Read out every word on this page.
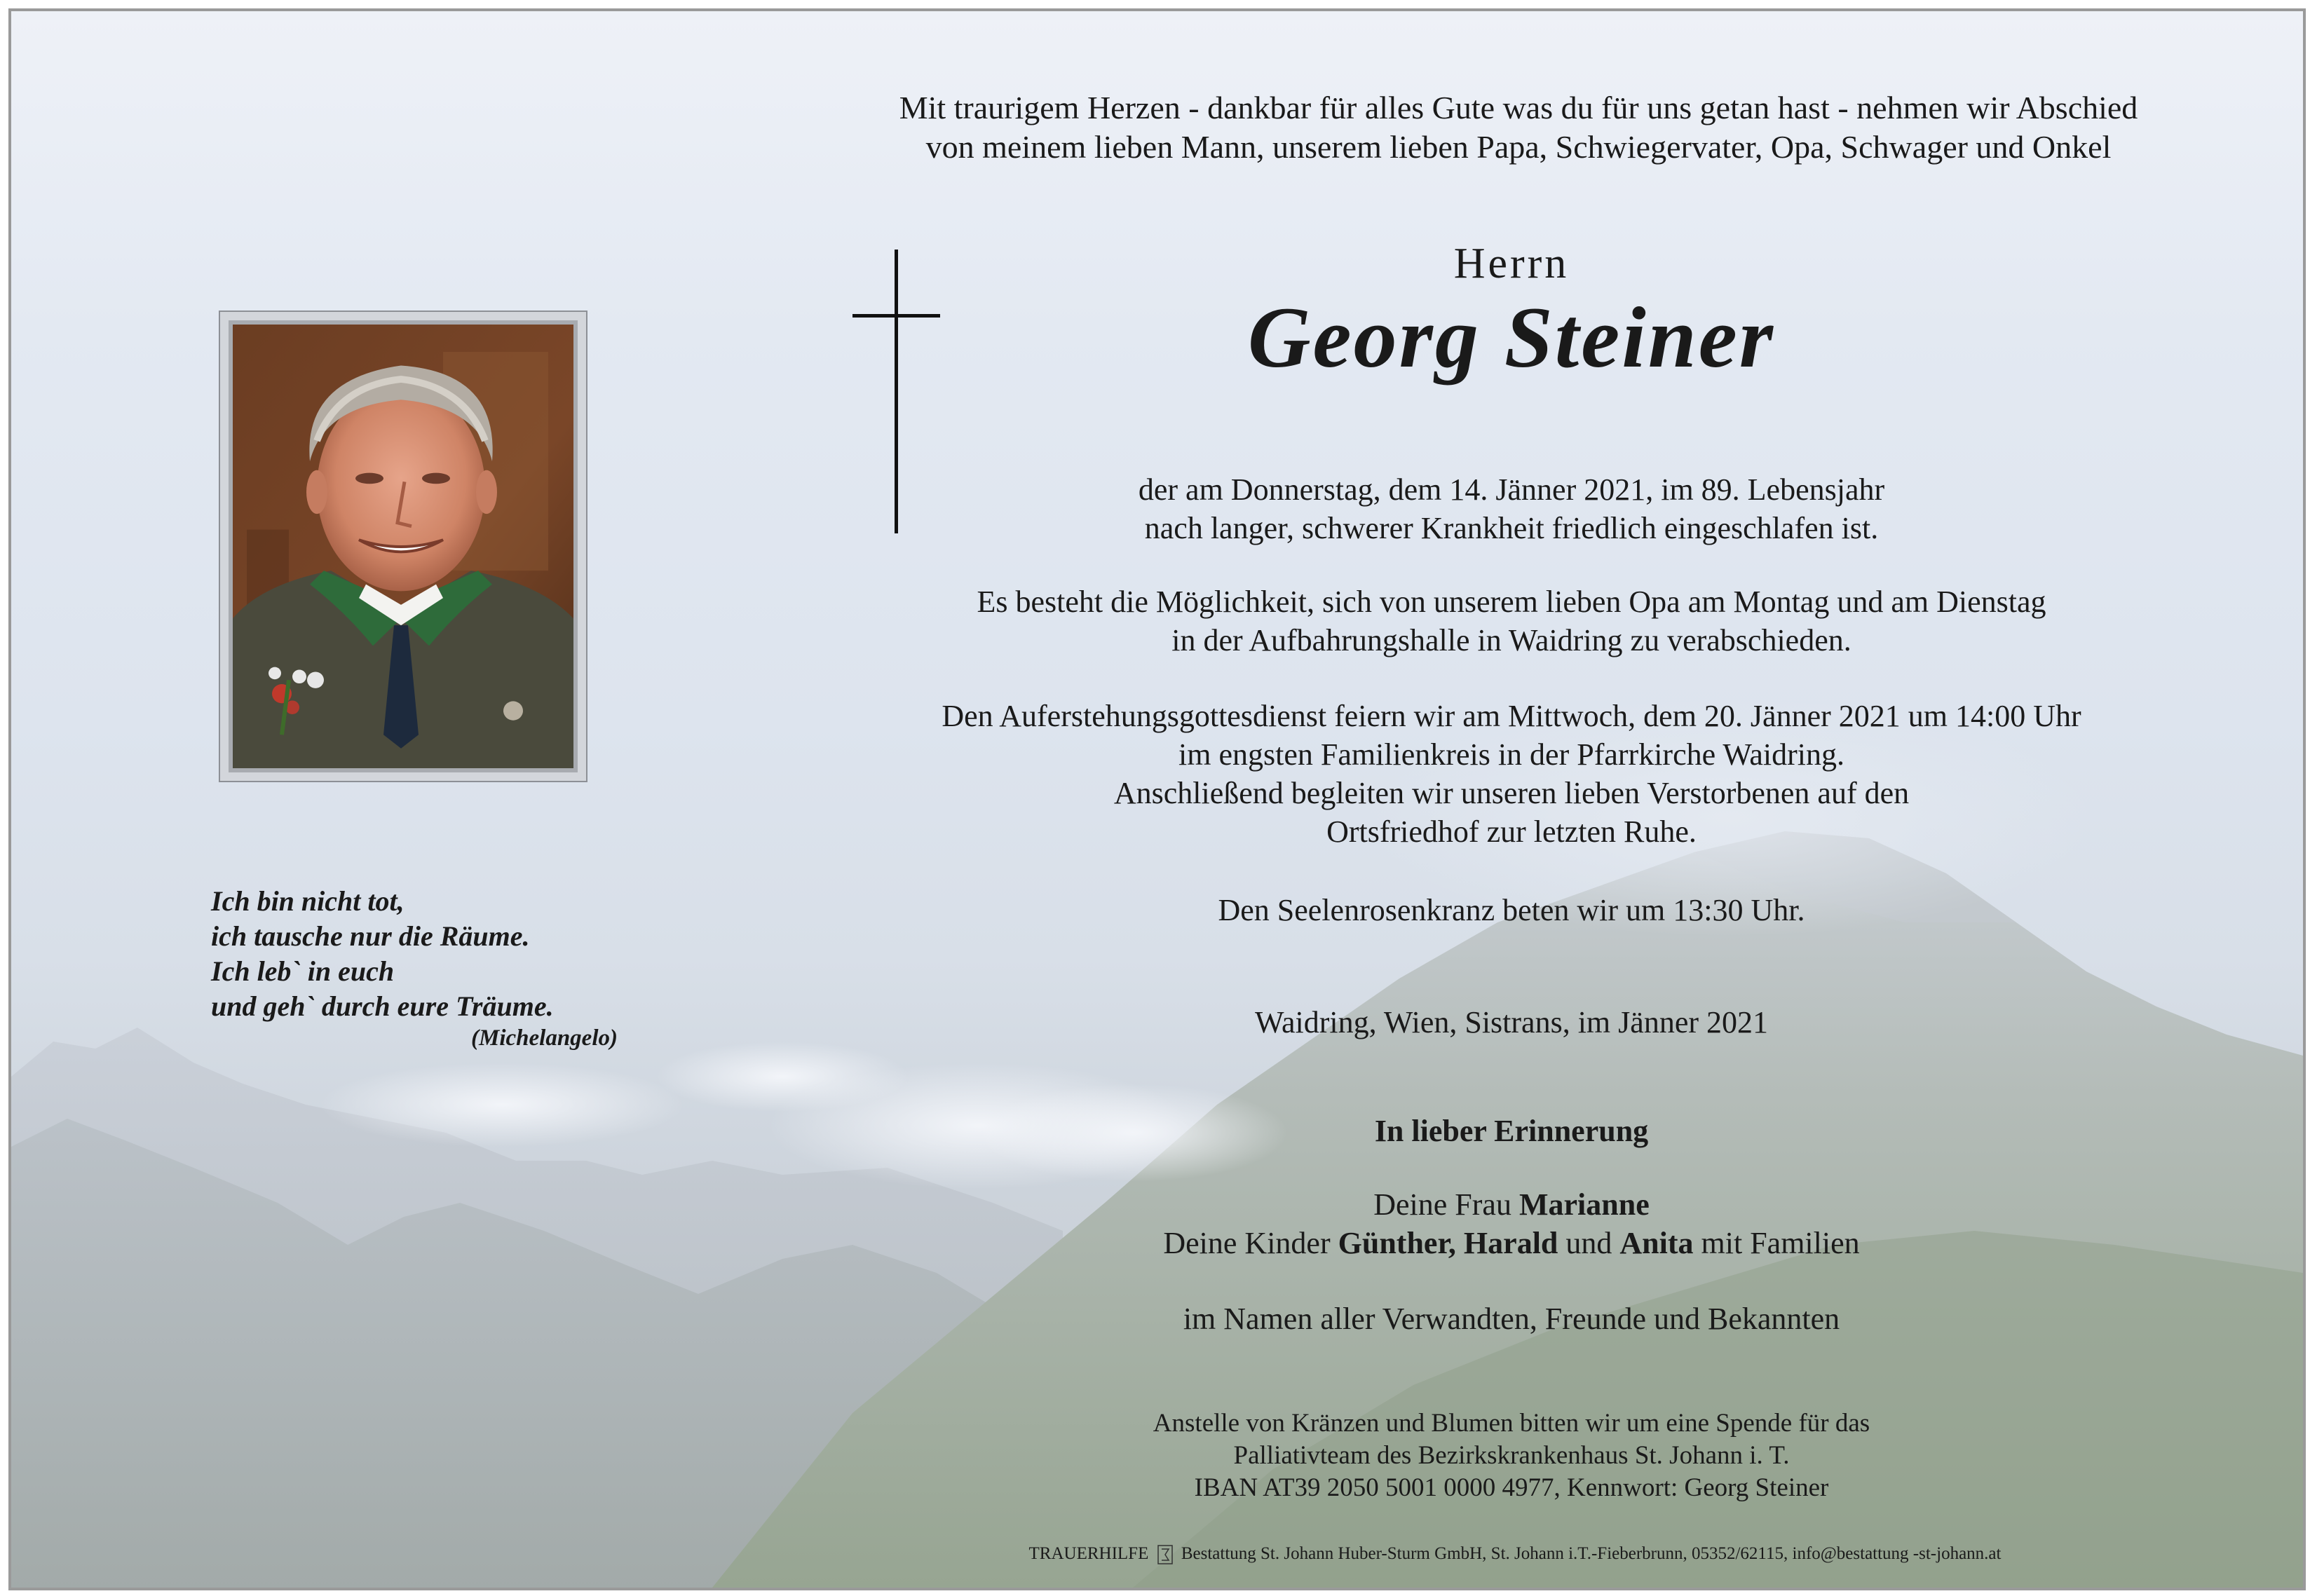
Mit traurigem Herzen - dankbar für alles Gute was du für uns getan hast - nehmen wir Abschied
von meinem lieben Mann, unserem lieben Papa, Schwiegervater, Opa, Schwager und Onkel
Herrn
Georg Steiner
der am Donnerstag, dem 14. Jänner 2021, im 89. Lebensjahr
nach langer, schwerer Krankheit friedlich eingeschlafen ist.
Es besteht die Möglichkeit, sich von unserem lieben Opa am Montag und am Dienstag
in der Aufbahrungshalle in Waidring zu verabschieden.
Den Auferstehungsgottesdienst feiern wir am Mittwoch, dem 20. Jänner 2021 um 14:00 Uhr
im engsten Familienkreis in der Pfarrkirche Waidring.
Anschließend begleiten wir unseren lieben Verstorbenen auf den
Ortsfriedhof zur letzten Ruhe.
Den Seelenrosenkranz beten wir um 13:30 Uhr.
Waidring, Wien, Sistrans, im Jänner 2021
In lieber Erinnerung
Deine Frau Marianne
Deine Kinder Günther, Harald und Anita mit Familien
im Namen aller Verwandten, Freunde und Bekannten
Anstelle von Kränzen und Blumen bitten wir um eine Spende für das
Palliativteam des Bezirkskrankenhaus St. Johann i. T.
IBAN AT39 2050 5001 0000 4977, Kennwort: Georg Steiner
Ich bin nicht tot,
ich tausche nur die Räume.
Ich leb` in euch
und geh` durch eure Träume.
(Michelangelo)
TRAUERHILFE Bestattung St. Johann Huber-Sturm GmbH, St. Johann i.T.-Fieberbrunn, 05352/62115, info@bestattung -st-johann.at
